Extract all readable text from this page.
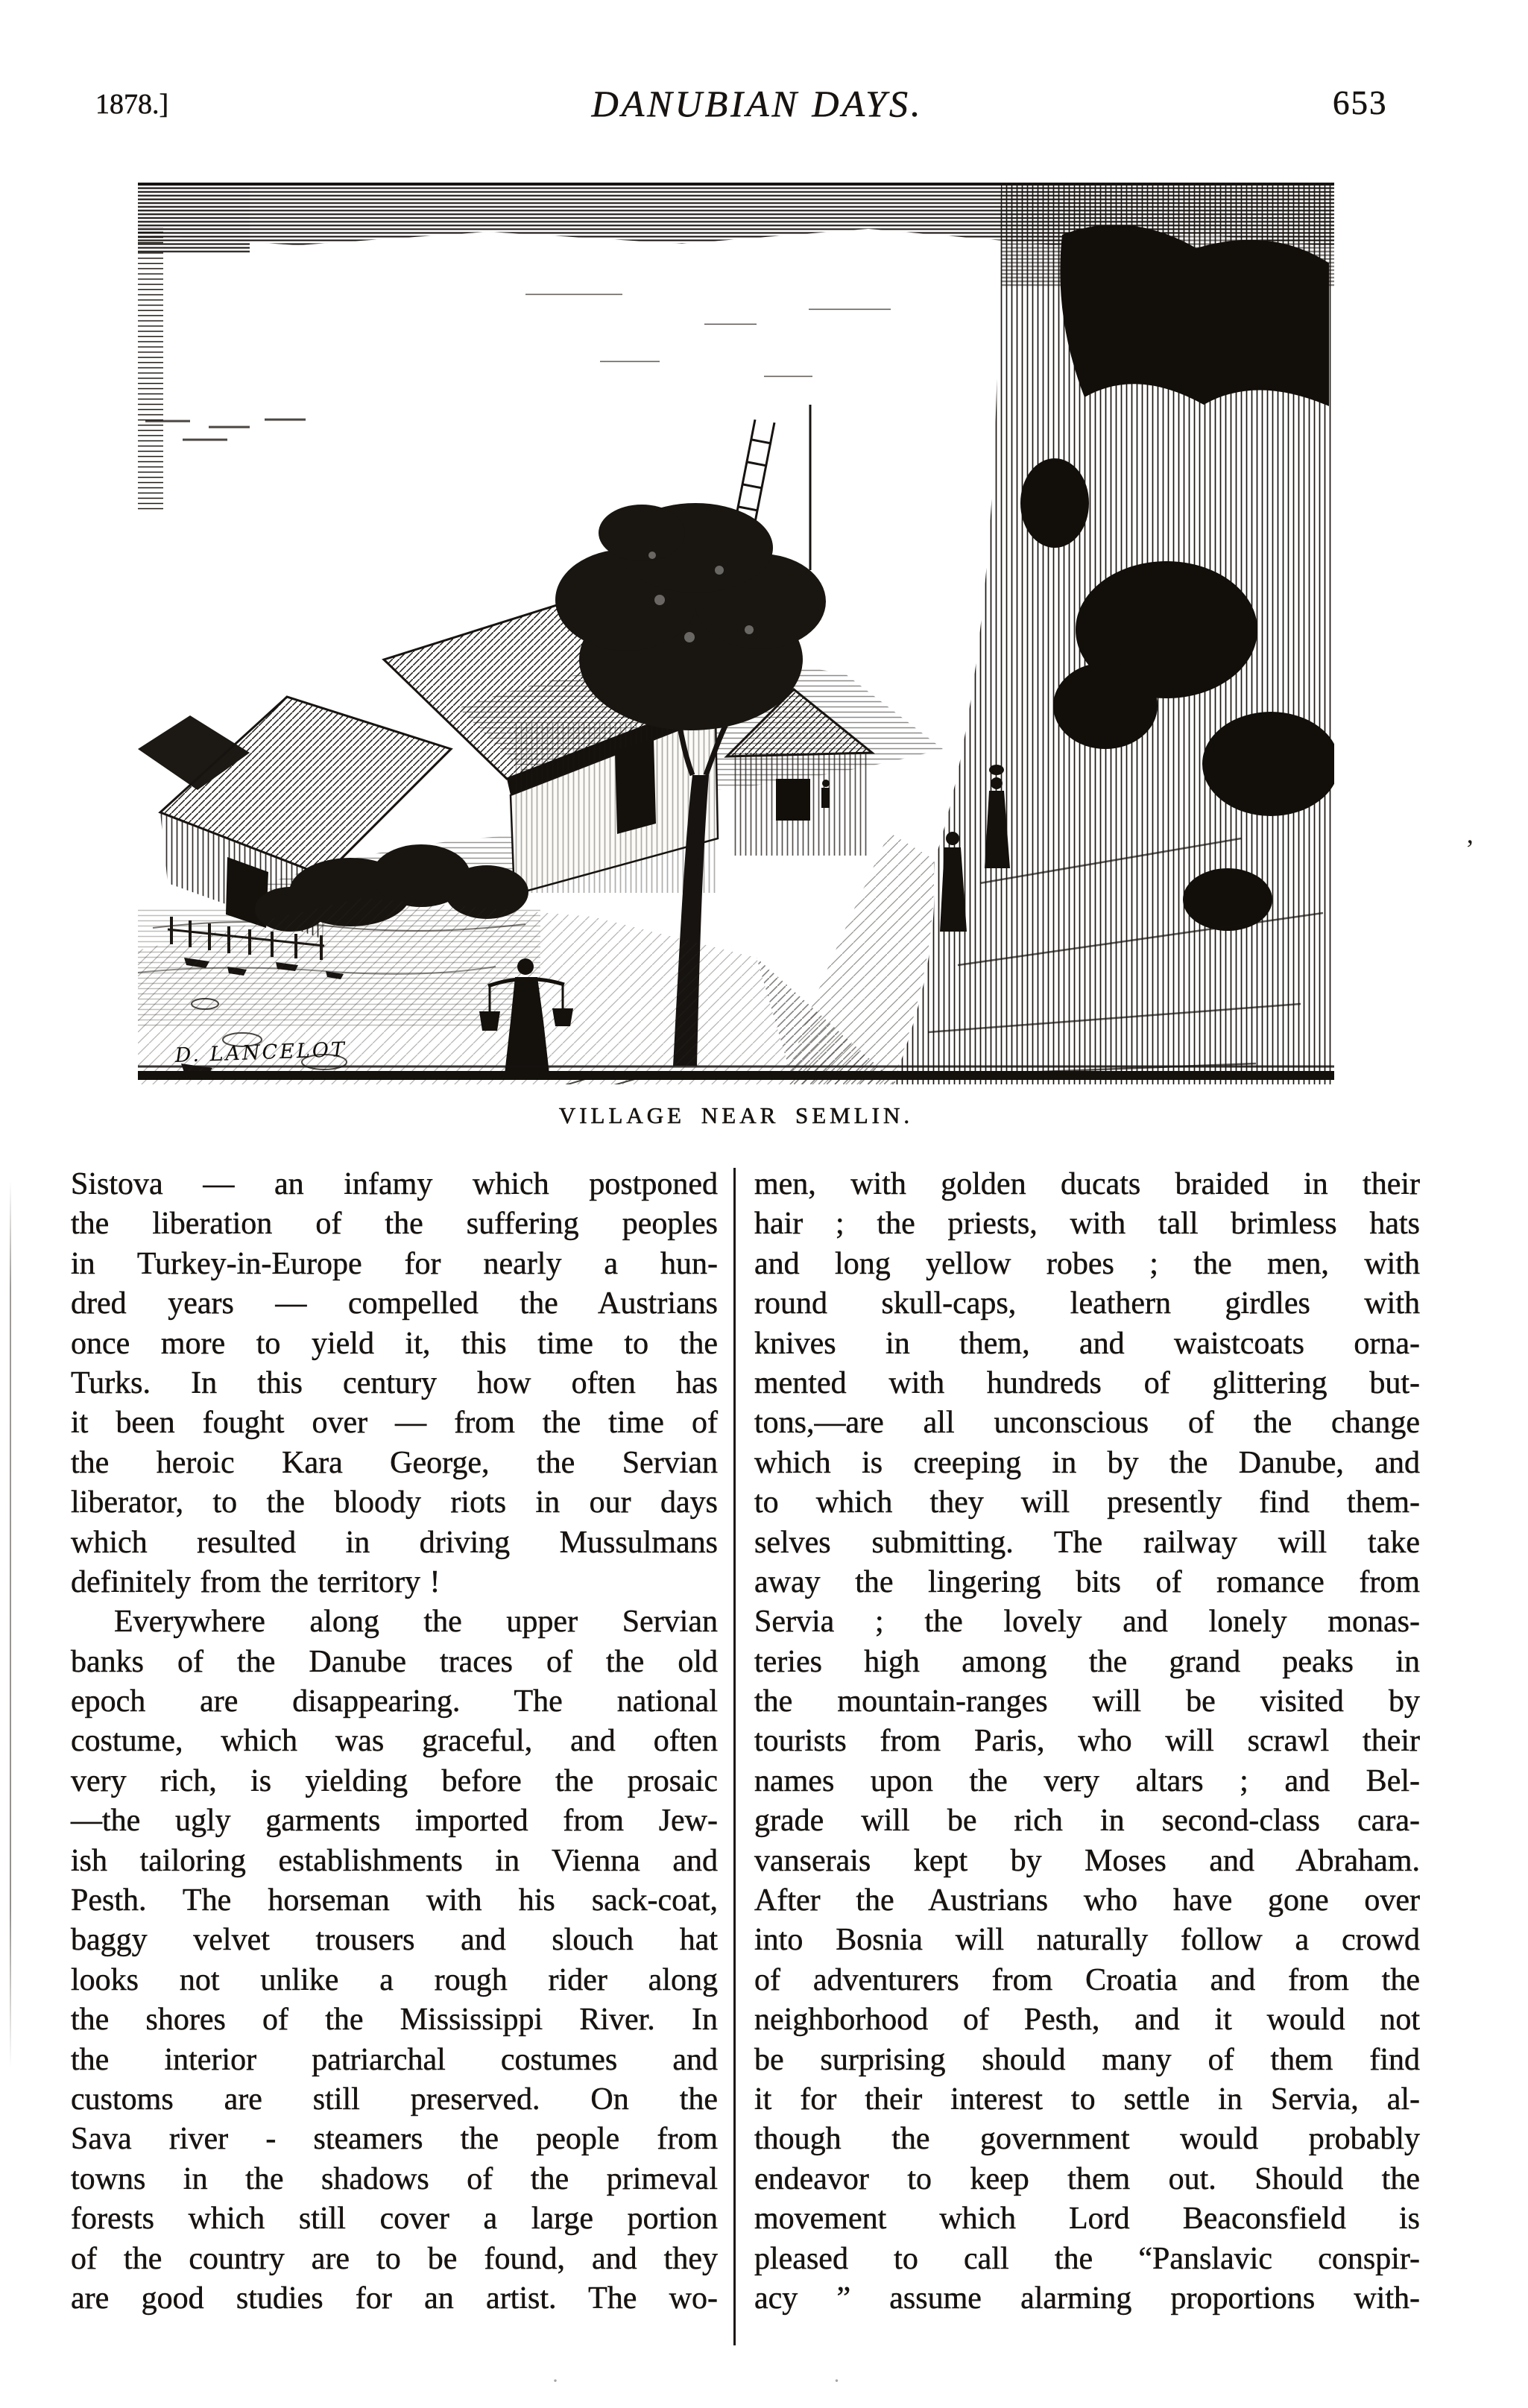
1878.]	DANUBIAN DAYS.	653
D. LANCELOT
VILLAGE NEAR SEMLIN.
Sistova — an infamy which postponed
the liberation of the suffering peoples
in Turkey-in-Europe for nearly a hun-
dred years — compelled the Austrians
once more to yield it, this time to the
Turks. In this century how often has
it been fought over — from the time of
the heroic Kara George, the Servian
liberator, to the bloody riots in our days
which resulted in driving Mussulmans
definitely from the territory !
Everywhere along the upper Servian
banks of the Danube traces of the old
epoch are disappearing. The national
costume, which was graceful, and often
very rich, is yielding before the prosaic
—the ugly garments imported from Jew-
ish tailoring establishments in Vienna and
Pesth. The horseman with his sack-coat,
baggy velvet trousers and slouch hat
looks not unlike a rough rider along
the shores of the Mississippi River. In
the interior patriarchal costumes and
customs are still preserved. On the
Sava river - steamers the people from
towns in the shadows of the primeval
forests which still cover a large portion
of the country are to be found, and they
are good studies for an artist. The wo-
men, with golden ducats braided in their
hair ; the priests, with tall brimless hats
and long yellow robes ; the men, with
round skull-caps, leathern girdles with
knives in them, and waistcoats orna-
mented with hundreds of glittering but-
tons,—are all unconscious of the change
which is creeping in by the Danube, and
to which they will presently find them-
selves submitting. The railway will take
away the lingering bits of romance from
Servia ; the lovely and lonely monas-
teries high among the grand peaks in
the mountain-ranges will be visited by
tourists from Paris, who will scrawl their
names upon the very altars ; and Bel-
grade will be rich in second-class cara-
vanserais kept by Moses and Abraham.
After the Austrians who have gone over
into Bosnia will naturally follow a crowd
of adventurers from Croatia and from the
neighborhood of Pesth, and it would not
be surprising should many of them find
it for their interest to settle in Servia, al-
though the government would probably
endeavor to keep them out. Should the
movement which Lord Beaconsfield is
pleased to call the “Panslavic conspir-
acy ” assume alarming proportions with-
’
· ·
